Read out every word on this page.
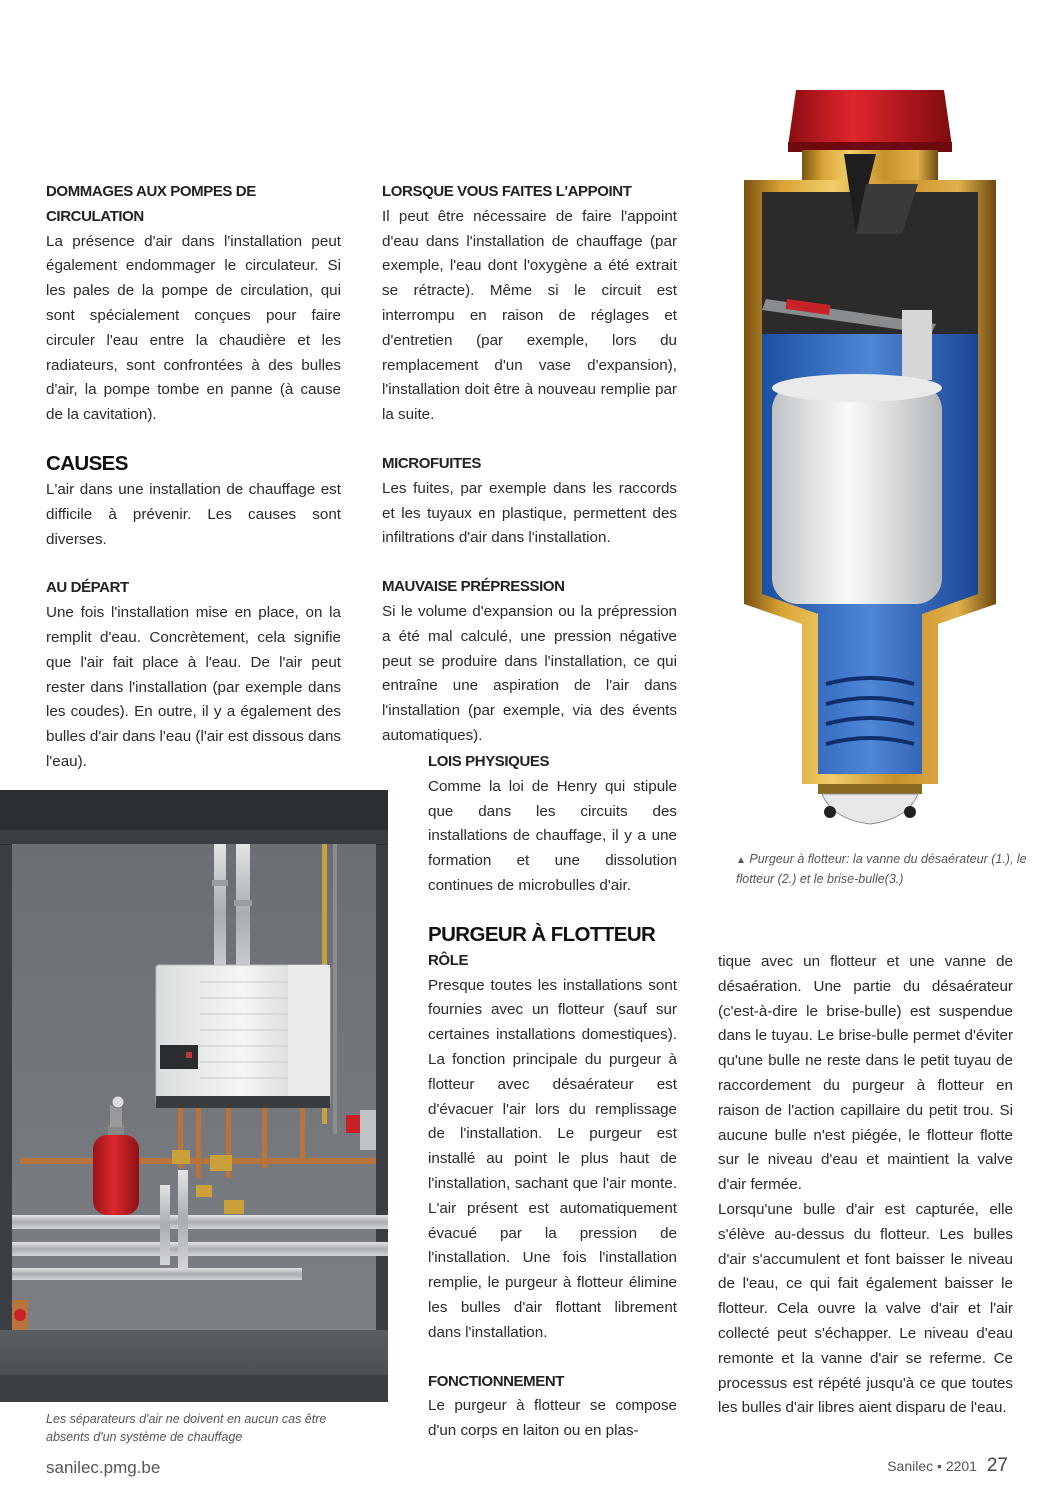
DOMMAGES AUX POMPES DE CIRCULATION

La présence d'air dans l'installation peut également endommager le circulateur. Si les pales de la pompe de circulation, qui sont spécialement conçues pour faire circuler l'eau entre la chaudière et les radiateurs, sont confrontées à des bulles d'air, la pompe tombe en panne (à cause de la cavitation).

CAUSES

L'air dans une installation de chauffage est difficile à prévenir. Les causes sont diverses.

AU DÉPART

Une fois l'installation mise en place, on la remplit d'eau. Concrètement, cela signifie que l'air fait place à l'eau. De l'air peut rester dans l'installation (par exemple dans les coudes). En outre, il y a également des bulles d'air dans l'eau (l'air est dissous dans l'eau).

LORSQUE VOUS FAITES L'APPOINT

Il peut être nécessaire de faire l'appoint d'eau dans l'installation de chauffage (par exemple, l'eau dont l'oxygène a été extrait se rétracte). Même si le circuit est interrompu en raison de réglages et d'entretien (par exemple, lors du remplacement d'un vase d'expansion), l'installation doit être à nouveau remplie par la suite.

MICROFUITES

Les fuites, par exemple dans les raccords et les tuyaux en plastique, permettent des infiltrations d'air dans l'installation.

MAUVAISE PRÉPRESSION

Si le volume d'expansion ou la prépression a été mal calculé, une pression négative peut se produire dans l'installation, ce qui entraîne une aspiration de l'air dans l'installation (par exemple, via des évents automatiques).

LOIS PHYSIQUES

Comme la loi de Henry qui stipule que dans les circuits des installations de chauffage, il y a une formation et une dissolution continues de microbulles d'air.

PURGEUR À FLOTTEUR
RÔLE

Presque toutes les installations sont fournies avec un flotteur (sauf sur certaines installations domestiques). La fonction principale du purgeur à flotteur avec désaérateur est d'évacuer l'air lors du remplissage de l'installation. Le purgeur est installé au point le plus haut de l'installation, sachant que l'air monte. L'air présent est automatiquement évacué par la pression de l'installation. Une fois l'installation remplie, le purgeur à flotteur élimine les bulles d'air flottant librement dans l'installation.

FONCTIONNEMENT

Le purgeur à flotteur se compose d'un corps en laiton ou en plas-

tique avec un flotteur et une vanne de désaération. Une partie du désaérateur (c'est-à-dire le brise-bulle) est suspendue dans le tuyau. Le brise-bulle permet d'éviter qu'une bulle ne reste dans le petit tuyau de raccordement du purgeur à flotteur en raison de l'action capillaire du petit trou. Si aucune bulle n'est piégée, le flotteur flotte sur le niveau d'eau et maintient la valve d'air fermée.

Lorsqu'une bulle d'air est capturée, elle s'élève au-dessus du flotteur. Les bulles d'air s'accumulent et font baisser le niveau de l'eau, ce qui fait également baisser le flotteur. Cela ouvre la valve d'air et l'air collecté peut s'échapper. Le niveau d'eau remonte et la vanne d'air se referme. Ce processus est répété jusqu'à ce que toutes les bulles d'air libres aient disparu de l'eau.

Les séparateurs d'air ne doivent en aucun cas être absents d'un système de chauffage
▲ Purgeur à flotteur: la vanne du désaérateur (1.), le flotteur (2.) et le brise-bulle(3.)
sanilec.pmg.be	Sanilec • 2201 27
